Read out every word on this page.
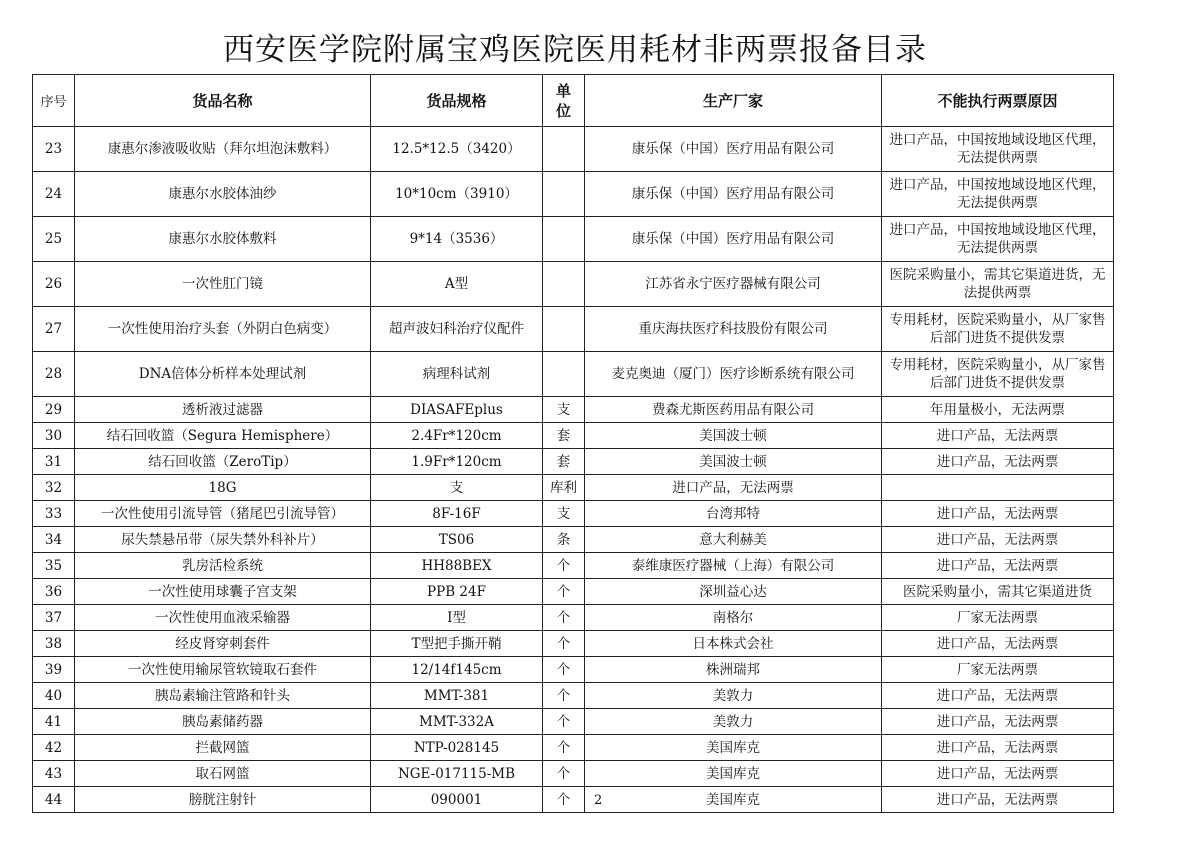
西安医学院附属宝鸡医院医用耗材非两票报备目录
序号	货品名称	货品规格	单位	生产厂家	不能执行两票原因
23	康惠尔渗液吸收贴（拜尔坦泡沫敷料）	12.5*12.5（3420）		康乐保（中国）医疗用品有限公司	进口产品，中国按地域设地区代理，无法提供两票
24	康惠尔水胶体油纱	10*10cm（3910）		康乐保（中国）医疗用品有限公司	进口产品，中国按地域设地区代理，无法提供两票
25	康惠尔水胶体敷料	9*14（3536）		康乐保（中国）医疗用品有限公司	进口产品，中国按地域设地区代理，无法提供两票
26	一次性肛门镜	A型		江苏省永宁医疗器械有限公司	医院采购量小，需其它渠道进货，无法提供两票
27	一次性使用治疗头套（外阴白色病变）	超声波妇科治疗仪配件		重庆海扶医疗科技股份有限公司	专用耗材，医院采购量小，从厂家售后部门进货不提供发票
28	DNA倍体分析样本处理试剂	病理科试剂		麦克奥迪（厦门）医疗诊断系统有限公司	专用耗材，医院采购量小，从厂家售后部门进货不提供发票
29	透析液过滤器	DIASAFEplus	支	费森尤斯医药用品有限公司	年用量极小，无法两票
30	结石回收篮（Segura Hemisphere）	2.4Fr*120cm	套	美国波士顿	进口产品，无法两票
31	结石回收篮（ZeroTip）	1.9Fr*120cm	套	美国波士顿	进口产品，无法两票
32	18G	支	库利	进口产品，无法两票	
33	一次性使用引流导管（猪尾巴引流导管）	8F-16F	支	台湾邦特	进口产品，无法两票
34	尿失禁悬吊带（尿失禁外科补片）	TS06	条	意大利赫美	进口产品，无法两票
35	乳房活检系统	HH88BEX	个	泰维康医疗器械（上海）有限公司	进口产品，无法两票
36	一次性使用球囊子宫支架	PPB 24F	个	深圳益心达	医院采购量小，需其它渠道进货
37	一次性使用血液采输器	I型	个	南格尔	厂家无法两票
38	经皮肾穿刺套件	T型把手撕开鞘	个	日本株式会社	进口产品，无法两票
39	一次性使用输尿管软镜取石套件	12/14f145cm	个	株洲瑞邦	厂家无法两票
40	胰岛素输注管路和针头	MMT-381	个	美敦力	进口产品，无法两票
41	胰岛素储药器	MMT-332A	个	美敦力	进口产品，无法两票
42	拦截网篮	NTP-028145	个	美国库克	进口产品，无法两票
43	取石网篮	NGE-017115-MB	个	美国库克	进口产品，无法两票
44	膀胱注射针	090001	个	美国库克	进口产品，无法两票
2
